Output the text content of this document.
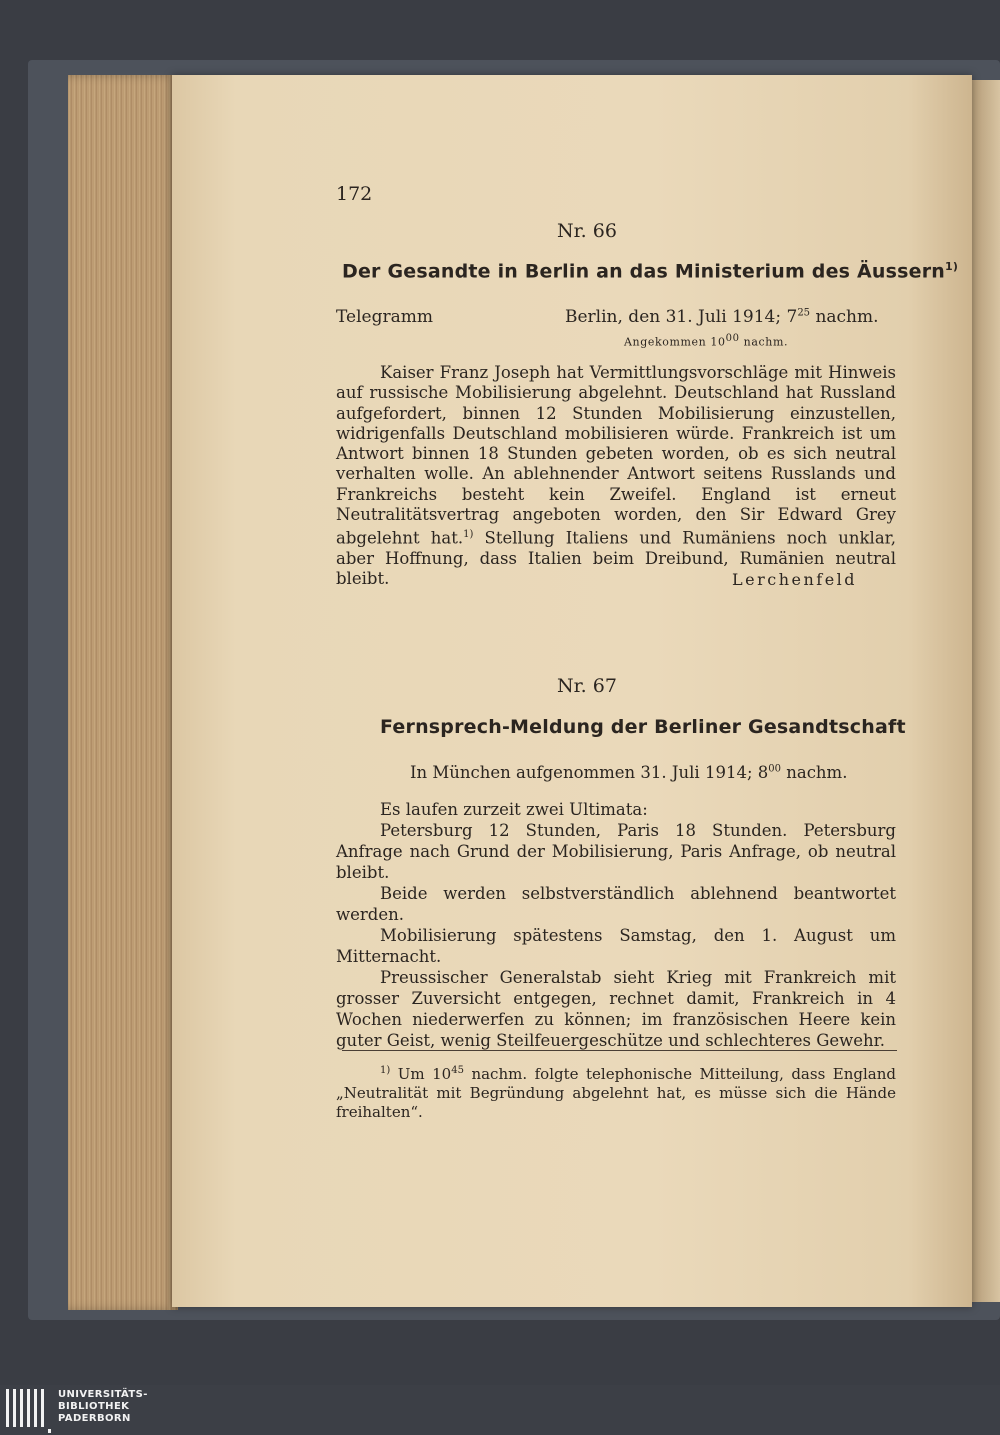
172

Nr. 66

Der Gesandte in Berlin an das Ministerium des Äussern$^{1)}$

Telegramm	Berlin, den 31. Juli 1914; $7^{25}$ nachm.

Angekommen $10^{00}$ nachm.

Kaiser Franz Joseph hat Vermittlungsvorschläge mit Hinweis auf russische Mobilisierung abgelehnt. Deutschland hat Russland aufgefordert, binnen 12 Stunden Mobilisierung einzustellen, widrigenfalls Deutschland mobilisieren würde. Frankreich ist um Antwort binnen 18 Stunden gebeten worden, ob es sich neutral verhalten wolle. An ablehnender Antwort seitens Russlands und Frankreichs besteht kein Zweifel. England ist erneut Neutralitätsvertrag angeboten worden, den Sir Edward Grey abgelehnt hat.$^{1)}$ Stellung Italiens und Rumäniens noch unklar, aber Hoffnung, dass Italien beim Dreibund, Rumänien neutral bleibt.	Lerchenfeld

Nr. 67

Fernsprech-Meldung der Berliner Gesandtschaft

In München aufgenommen 31. Juli 1914; $8^{00}$ nachm.

Es laufen zurzeit zwei Ultimata:

Petersburg 12 Stunden, Paris 18 Stunden. Petersburg Anfrage nach Grund der Mobilisierung, Paris Anfrage, ob neutral bleibt.

Beide werden selbstverständlich ablehnend beantwortet werden.

Mobilisierung spätestens Samstag, den 1. August um Mitternacht.

Preussischer Generalstab sieht Krieg mit Frankreich mit grosser Zuversicht entgegen, rechnet damit, Frankreich in 4 Wochen niederwerfen zu können; im französischen Heere kein guter Geist, wenig Steilfeuergeschütze und schlechteres Gewehr.

$^{1)}$ Um $10^{45}$ nachm. folgte telephonische Mitteilung, dass England „Neutralität mit Begründung abgelehnt hat, es müsse sich die Hände freihalten“.

UNIVERSITÄTS-
BIBLIOTHEK
PADERBORN
